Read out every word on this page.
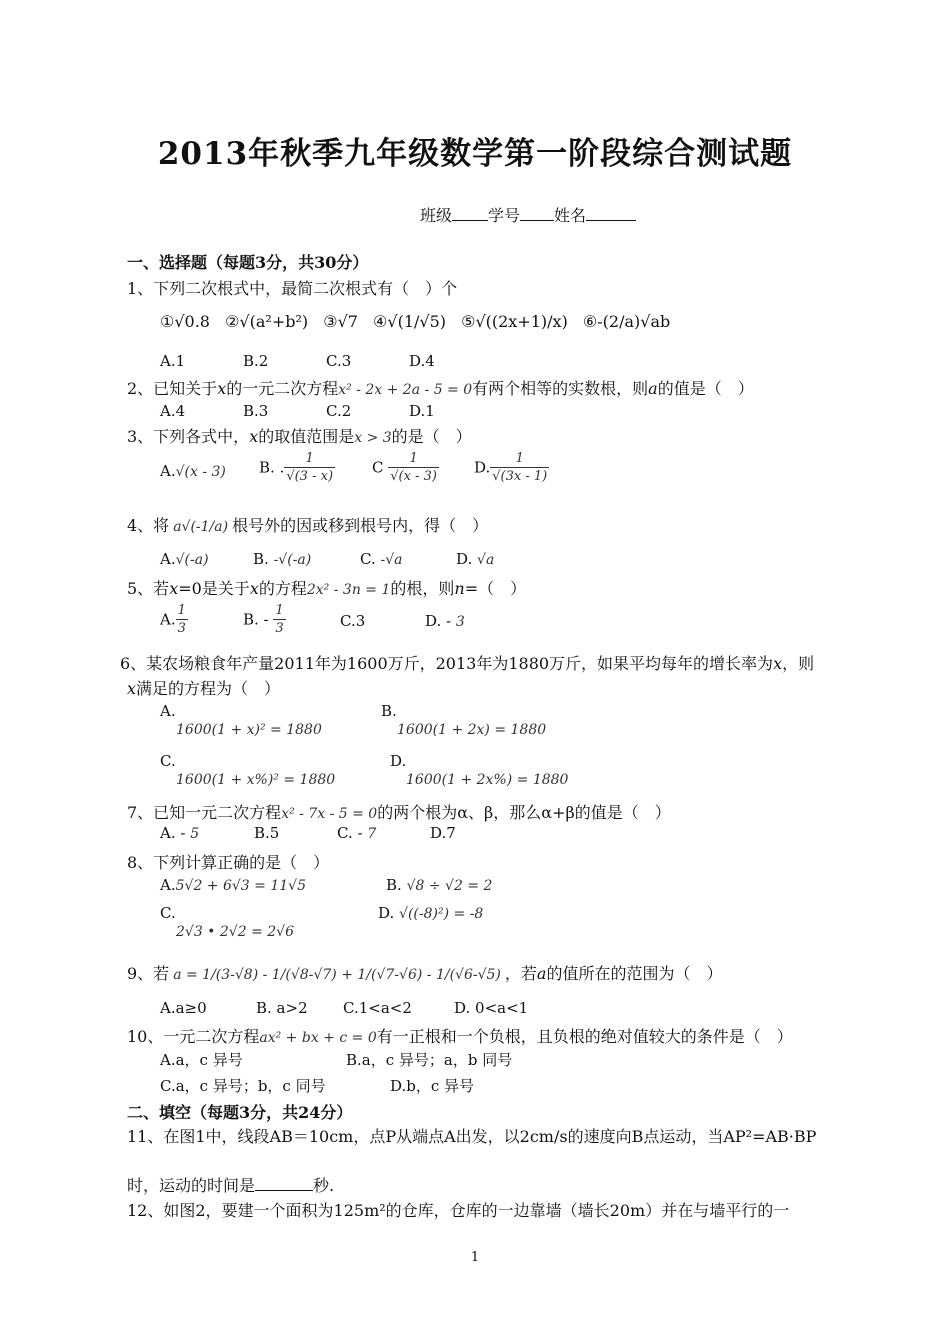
2013年秋季九年级数学第一阶段综合测试题
班级 学号 姓名
一、选择题（每题3分，共30分）
1、下列二次根式中，最简二次根式有（　）个
①√0.8 ②√(a²+b²) ③√7 ④√(1/√5) ⑤√((2x+1)/x) ⑥-(2/a)√ab
A.1	B.2	C.3	D.4
2、已知关于x的一元二次方程x² - 2x + 2a - 5 = 0有两个相等的实数根，则a的值是（　）
A.4	B.3	C.2	D.1
3、下列各式中，x的取值范围是x > 3的是（　）
A.√(x - 3) B. . $\frac{1}{√(3 - x)}$ C $\frac{1}{√(x - 3)} D$. $\frac{1}{√(3x - 1)}$
4、将 a√(-1/a) 根号外的因或移到根号内，得（　）
A.√(-a)	B. -√(-a)	C. -√a	D. √a
5、若x=0是关于x的方程2x² - 3n = 1的根，则n=（　）
A. $\frac{1}{3}$	B. - $\frac{1}{3}$	C.3	D. - 3
6、某农场粮食年产量2011年为1600万斤，2013年为1880万斤，如果平均每年的增长率为x，则
x满足的方程为（　）
A.
1600(1 + x)² = 1880
B.
1600(1 + 2x) = 1880
C.
1600(1 + x%)² = 1880
D.
1600(1 + 2x%) = 1880
7、已知一元二次方程x² - 7x - 5 = 0的两个根为α、β，那么α+β的值是（　）
A. - 5	B.5	C. - 7	D.7
8、下列计算正确的是（　）
A.5√2 + 6√3 = 11√5	B. √8 ÷ √2 = 2
C.
2√3 • 2√2 = 2√6
D. √((-8)²) = -8
9、若 a = 1/(3-√8) - 1/(√8-√7) + 1/(√7-√6) - 1/(√6-√5) ，若a的值所在的范围为（　）
A.a≥0	B. a>2 C.1<a<2	D. 0<a<1
10、一元二次方程ax² + bx + c = 0有一正根和一个负根，且负根的绝对值较大的条件是（　）
A.a，c 异号	B.a，c 异号；a，b 同号
C.a，c 异号；b，c 同号	D.b，c 异号
二、填空（每题3分，共24分）
11、在图1中，线段AB＝10cm，点P从端点A出发，以2cm/s的速度向B点运动，当AP²=AB·BP
时，运动的时间是	秒.
12、如图2，要建一个面积为125m²的仓库，仓库的一边靠墙（墙长20m）并在与墙平行的一
1
